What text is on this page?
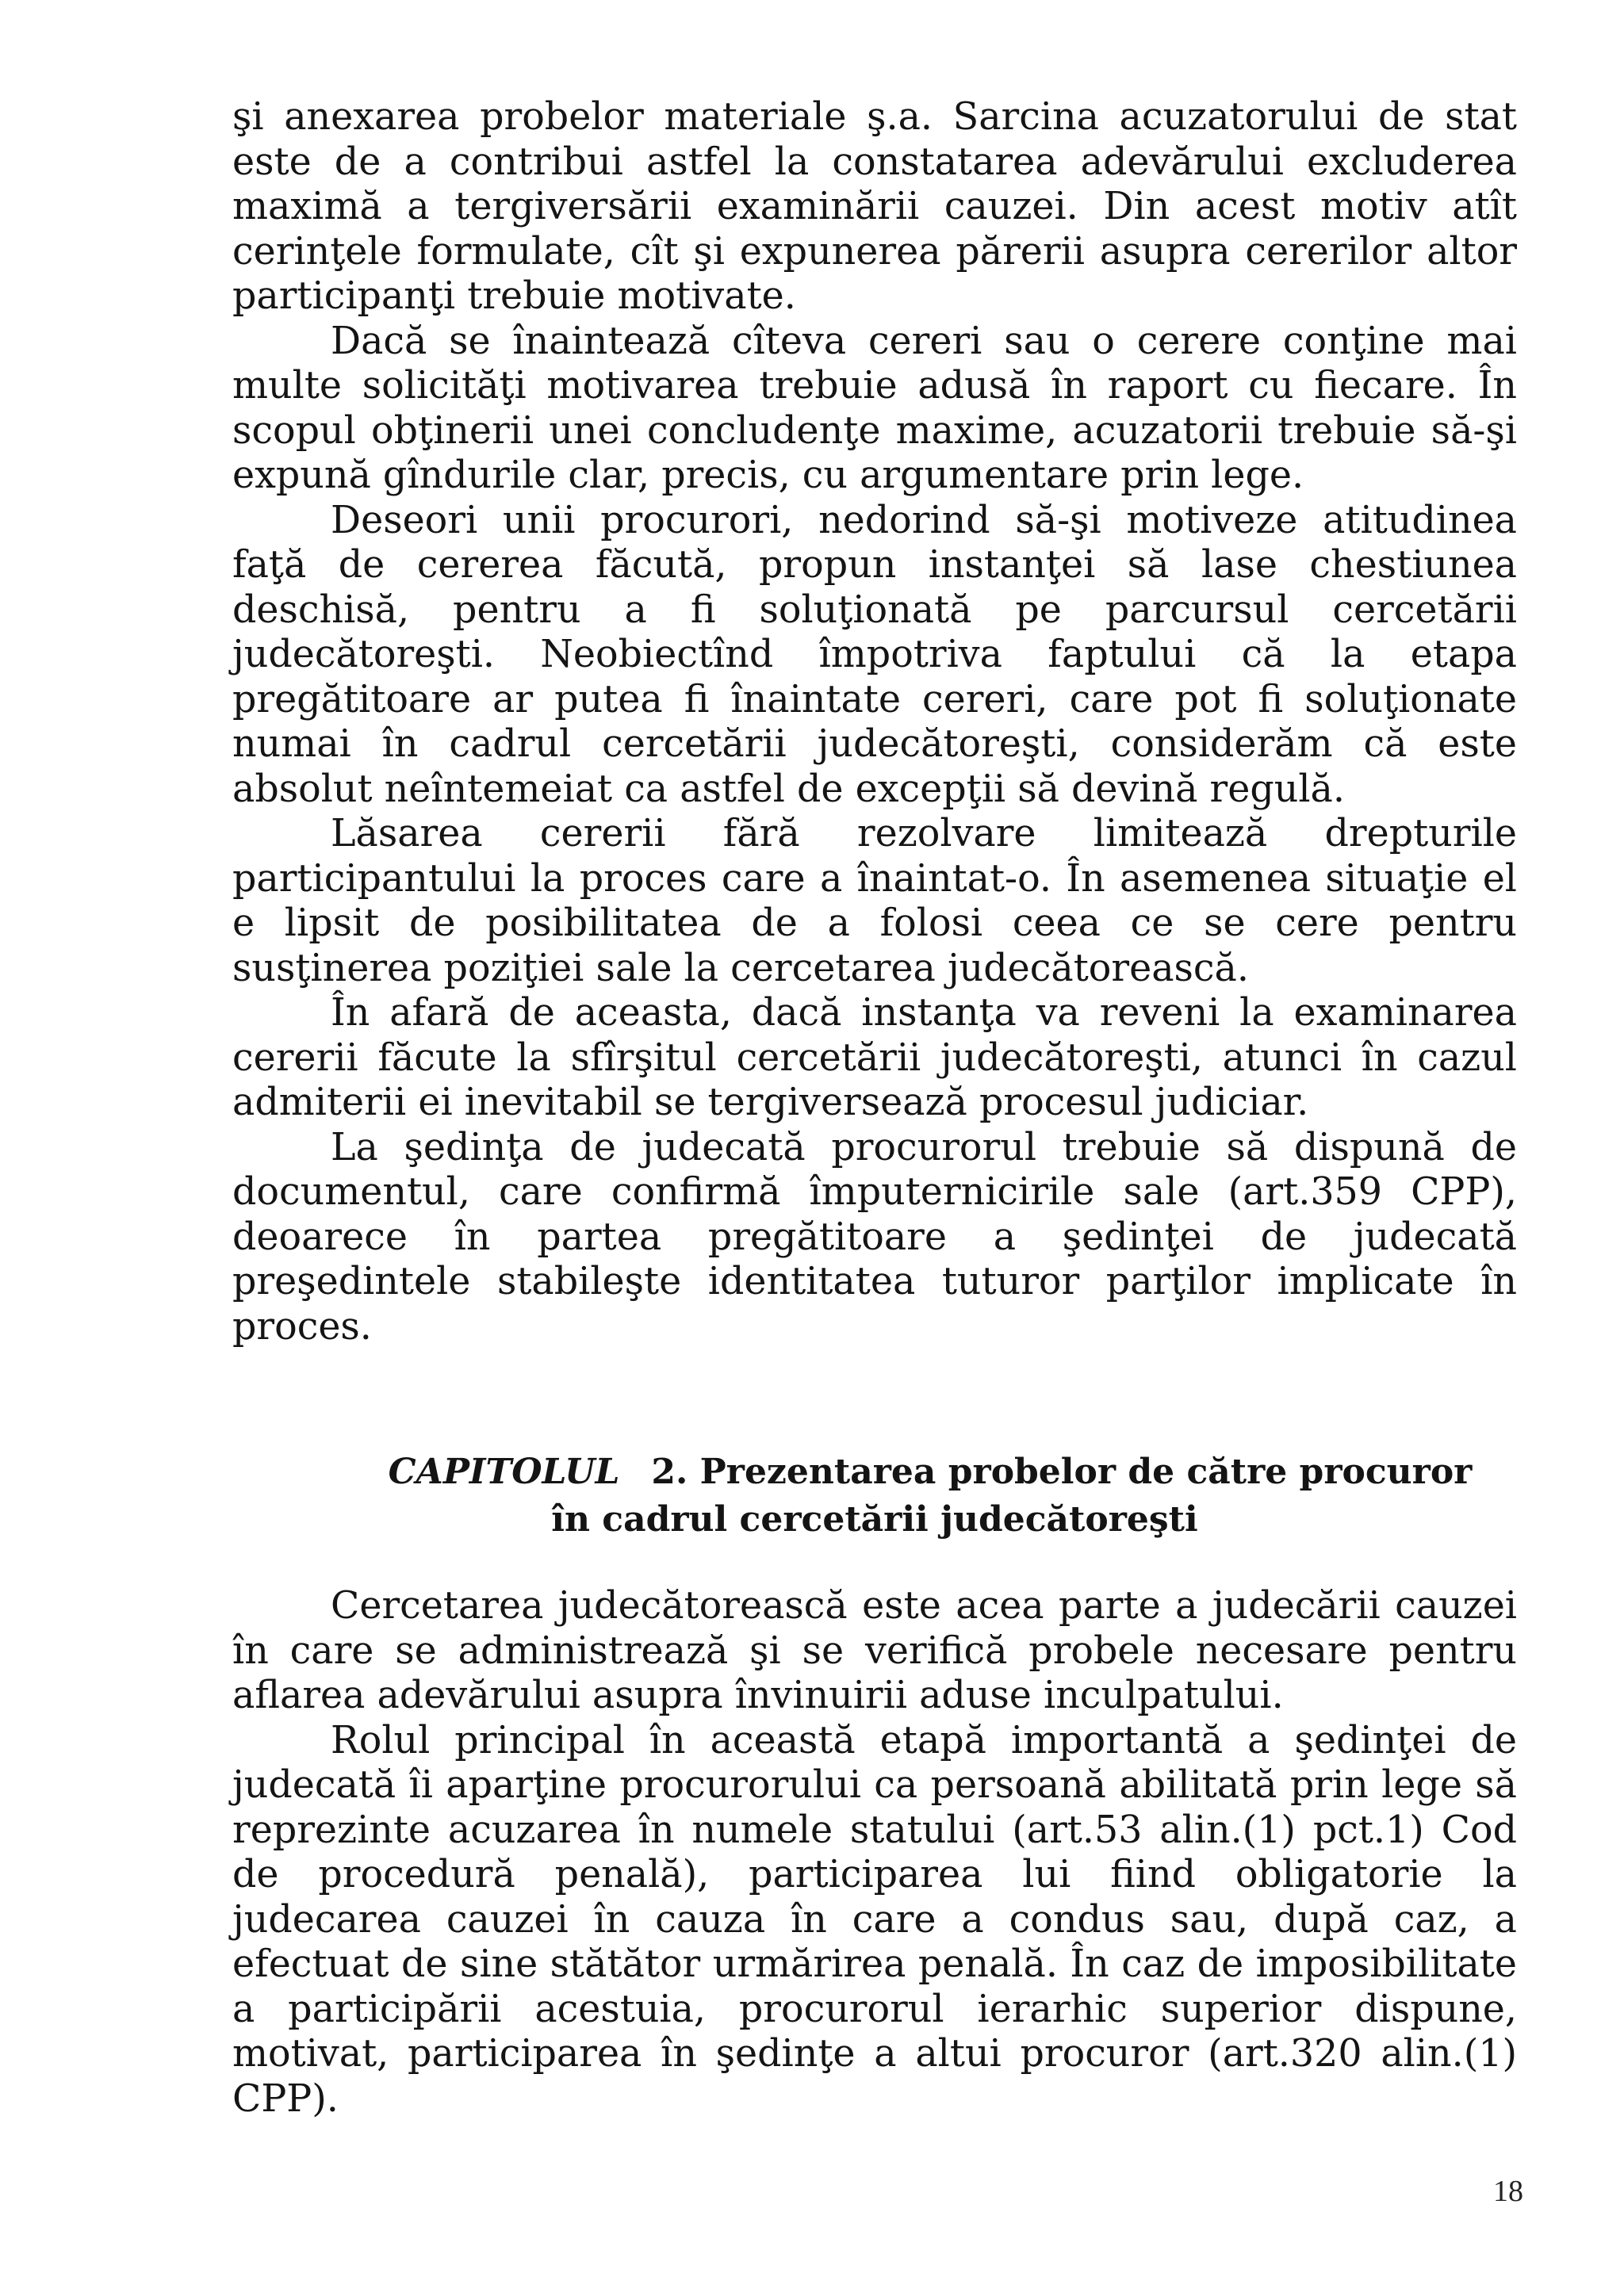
şi anexarea probelor materiale ş.a. Sarcina acuzatorului de stat este de a contribui astfel la constatarea adevărului excluderea maximă a tergiversării examinării cauzei. Din acest motiv atît cerinţele formulate, cît şi expunerea părerii asupra cererilor altor participanţi trebuie motivate.

Dacă se înaintează cîteva cereri sau o cerere conţine mai multe solicităţi motivarea trebuie adusă în raport cu fiecare. În scopul obţinerii unei concludenţe maxime, acuzatorii trebuie să-şi expună gîndurile clar, precis, cu argumentare prin lege.

Deseori unii procurori, nedorind să-şi motiveze atitudinea faţă de cererea făcută, propun instanţei să lase chestiunea deschisă, pentru a fi soluţionată pe parcursul cercetării judecătoreşti. Neobiectînd împotriva faptului că la etapa pregătitoare ar putea fi înaintate cereri, care pot fi soluţionate numai în cadrul cercetării judecătoreşti, considerăm că este absolut neîntemeiat ca astfel de excepţii să devină regulă.

Lăsarea cererii fără rezolvare limitează drepturile participantului la proces care a înaintat-o. În asemenea situaţie el e lipsit de posibilitatea de a folosi ceea ce se cere pentru susţinerea poziţiei sale la cercetarea judecătorească.

În afară de aceasta, dacă instanţa va reveni la examinarea cererii făcute la sfîrşitul cercetării judecătoreşti, atunci în cazul admiterii ei inevitabil se tergiversează procesul judiciar.

La şedinţa de judecată procurorul trebuie să dispună de documentul, care confirmă împuternicirile sale (art.359 CPP), deoarece în partea pregătitoare a şedinţei de judecată preşedintele stabileşte identitatea tuturor parţilor implicate în proces.

CAPITOLUL 2. Prezentarea probelor de către procuror
în cadrul cercetării judecătoreşti

Cercetarea judecătorească este acea parte a judecării cauzei în care se administrează şi se verifică probele necesare pentru aflarea adevărului asupra învinuirii aduse inculpatului.

Rolul principal în această etapă importantă a şedinţei de judecată îi aparţine procurorului ca persoană abilitată prin lege să reprezinte acuzarea în numele statului (art.53 alin.(1) pct.1) Cod de procedură penală), participarea lui fiind obligatorie la judecarea cauzei în cauza în care a condus sau, după caz, a efectuat de sine stătător urmărirea penală. În caz de imposibilitate a participării acestuia, procurorul ierarhic superior dispune, motivat, participarea în şedinţe a altui procuror (art.320 alin.(1) CPP).

18
